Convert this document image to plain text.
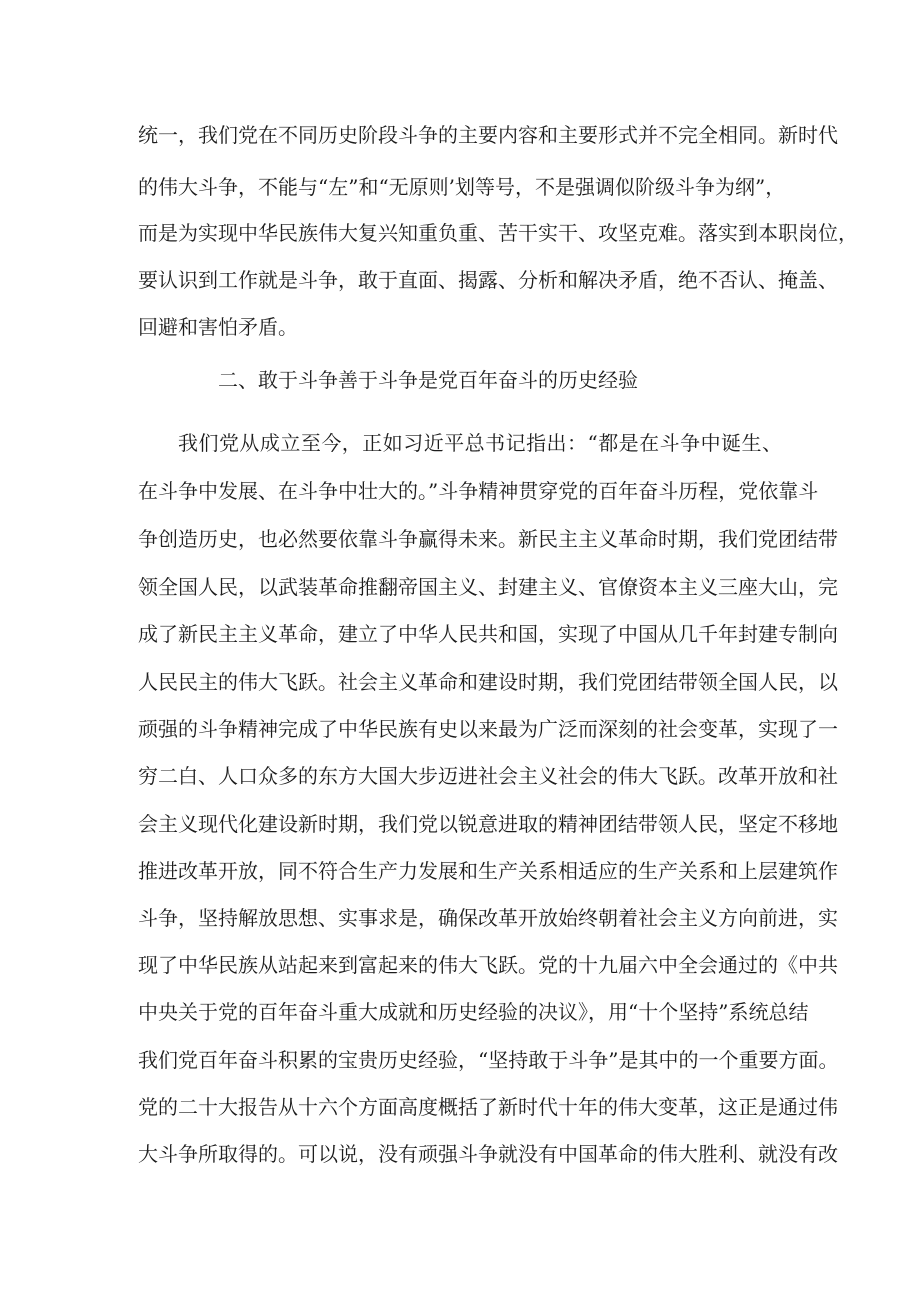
统一，我们党在不同历史阶段斗争的主要内容和主要形式并不完全相同。新时代
的伟大斗争，不能与“左”和“无原则’划等号，不是强调似阶级斗争为纲”，
而是为实现中华民族伟大复兴知重负重、苦干实干、攻坚克难。落实到本职岗位，
要认识到工作就是斗争，敢于直面、揭露、分析和解决矛盾，绝不否认、掩盖、
回避和害怕矛盾。
二、敢于斗争善于斗争是党百年奋斗的历史经验
我们党从成立至今，正如习近平总书记指出：“都是在斗争中诞生、
在斗争中发展、在斗争中壮大的。”斗争精神贯穿党的百年奋斗历程，党依靠斗
争创造历史，也必然要依靠斗争赢得未来。新民主主义革命时期，我们党团结带
领全国人民，以武装革命推翻帝国主义、封建主义、官僚资本主义三座大山，完
成了新民主主义革命，建立了中华人民共和国，实现了中国从几千年封建专制向
人民民主的伟大飞跃。社会主义革命和建设时期，我们党团结带领全国人民，以
顽强的斗争精神完成了中华民族有史以来最为广泛而深刻的社会变革，实现了一
穷二白、人口众多的东方大国大步迈进社会主义社会的伟大飞跃。改革开放和社
会主义现代化建设新时期，我们党以锐意进取的精神团结带领人民，坚定不移地
推进改革开放，同不符合生产力发展和生产关系相适应的生产关系和上层建筑作
斗争，坚持解放思想、实事求是，确保改革开放始终朝着社会主义方向前进，实
现了中华民族从站起来到富起来的伟大飞跃。党的十九届六中全会通过的《中共
中央关于党的百年奋斗重大成就和历史经验的决议》，用“十个坚持”系统总结
我们党百年奋斗积累的宝贵历史经验，“坚持敢于斗争”是其中的一个重要方面。
党的二十大报告从十六个方面高度概括了新时代十年的伟大变革，这正是通过伟
大斗争所取得的。可以说，没有顽强斗争就没有中国革命的伟大胜利、就没有改
